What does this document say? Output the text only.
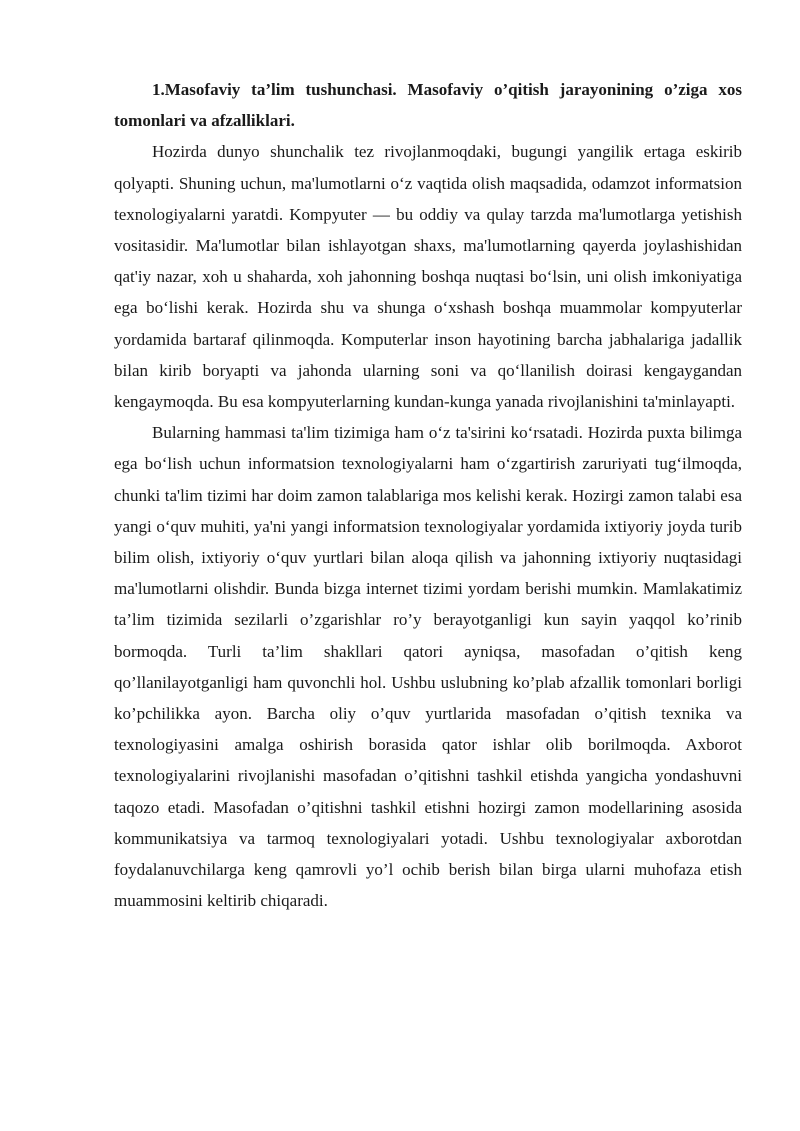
1.Masofaviy ta’lim tushunchasi. Masofaviy o’qitish jarayonining o’ziga xos tomonlari va afzalliklari.

Hozirda dunyo shunchalik tez rivojlanmoqdaki, bugungi yangilik ertaga eskirib qolyapti. Shuning uchun, ma'lumotlarni o‘z vaqtida olish maqsadida, odamzot informatsion texnologiyalarni yaratdi. Kompyuter — bu oddiy va qulay tarzda ma'lumotlarga yetishish vositasidir. Ma'lumotlar bilan ishlayotgan shaxs, ma'lumotlarning qayerda joylashishidan qat'iy nazar, xoh u shaharda, xoh jahonning boshqa nuqtasi bo‘lsin, uni olish imkoniyatiga ega bo‘lishi kerak. Hozirda shu va shunga o‘xshash boshqa muammolar kompyuterlar yordamida bartaraf qilinmoqda. Komputerlar inson hayotining barcha jabhalariga jadallik bilan kirib boryapti va jahonda ularning soni va qo‘llanilish doirasi kengaygandan kengaymoqda. Bu esa kompyuterlarning kundan-kunga yanada rivojlanishini ta'minlayapti.

Bularning hammasi ta'lim tizimiga ham o‘z ta'sirini ko‘rsatadi. Hozirda puxta bilimga ega bo‘lish uchun informatsion texnologiyalarni ham o‘zgartirish zaruriyati tug‘ilmoqda, chunki ta'lim tizimi har doim zamon talablariga mos kelishi kerak. Hozirgi zamon talabi esa yangi o‘quv muhiti, ya'ni yangi informatsion texnologiyalar yordamida ixtiyoriy joyda turib bilim olish, ixtiyoriy o‘quv yurtlari bilan aloqa qilish va jahonning ixtiyoriy nuqtasidagi ma'lumotlarni olishdir. Bunda bizga internet tizimi yordam berishi mumkin. Mamlakatimiz ta’lim tizimida sezilarli o’zgarishlar ro’y berayotganligi kun sayin yaqqol ko’rinib bormoqda. Turli ta’lim shakllari qatori ayniqsa, masofadan o’qitish keng qo’llanilayotganligi ham quvonchli hol. Ushbu uslubning ko’plab afzallik tomonlari borligi ko’pchilikka ayon. Barcha oliy o’quv yurtlarida masofadan o’qitish texnika va texnologiyasini amalga oshirish borasida qator ishlar olib borilmoqda. Axborot texnologiyalarini rivojlanishi masofadan o’qitishni tashkil etishda yangicha yondashuvni taqozo etadi. Masofadan o’qitishni tashkil etishni hozirgi zamon modellarining asosida kommunikatsiya va tarmoq texnologiyalari yotadi. Ushbu texnologiyalar axborotdan foydalanuvchilarga keng qamrovli yo’l ochib berish bilan birga ularni muhofaza etish muammosini keltirib chiqaradi.
